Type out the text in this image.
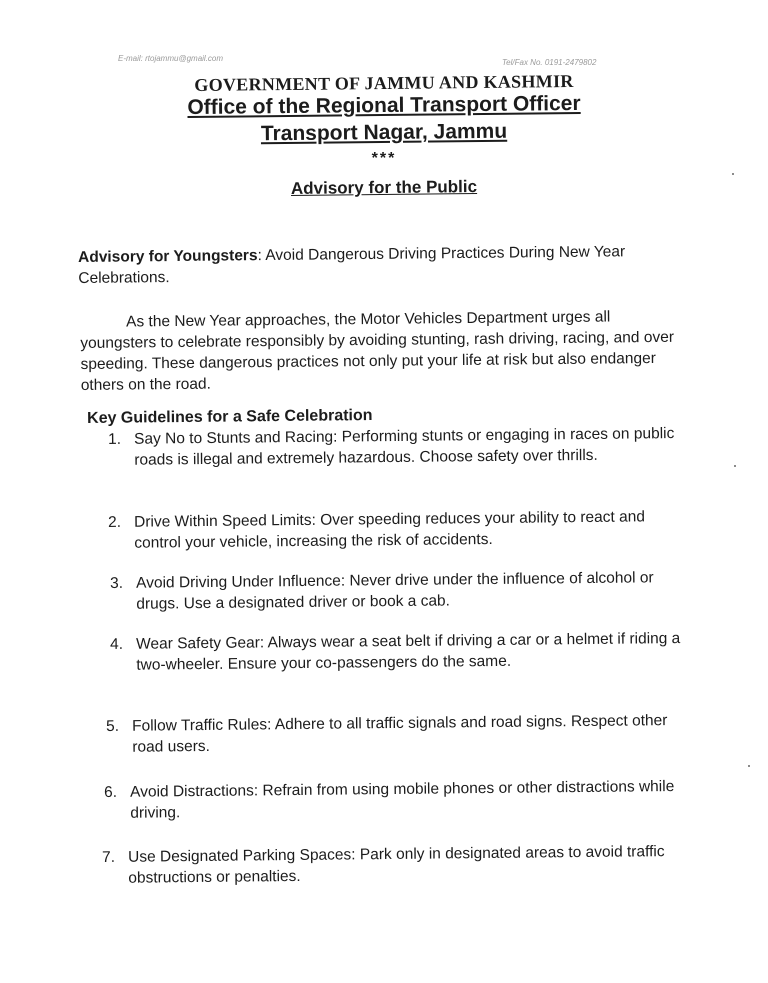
E-mail: rtojammu@gmail.com	Tel/Fax No. 0191-2479802
GOVERNMENT OF JAMMU AND KASHMIR
Office of the Regional Transport Officer
Transport Nagar, Jammu
***
Advisory for the Public
Advisory for Youngsters: Avoid Dangerous Driving Practices During New Year Celebrations.
As the New Year approaches, the Motor Vehicles Department urges all youngsters to celebrate responsibly by avoiding stunting, rash driving, racing, and over speeding. These dangerous practices not only put your life at risk but also endanger others on the road.
Key Guidelines for a Safe Celebration
1. Say No to Stunts and Racing: Performing stunts or engaging in races on public roads is illegal and extremely hazardous. Choose safety over thrills.
2. Drive Within Speed Limits: Over speeding reduces your ability to react and control your vehicle, increasing the risk of accidents.
3. Avoid Driving Under Influence: Never drive under the influence of alcohol or drugs. Use a designated driver or book a cab.
4. Wear Safety Gear: Always wear a seat belt if driving a car or a helmet if riding a two-wheeler. Ensure your co-passengers do the same.
5. Follow Traffic Rules: Adhere to all traffic signals and road signs. Respect other road users.
6. Avoid Distractions: Refrain from using mobile phones or other distractions while driving.
7. Use Designated Parking Spaces: Park only in designated areas to avoid traffic obstructions or penalties.
